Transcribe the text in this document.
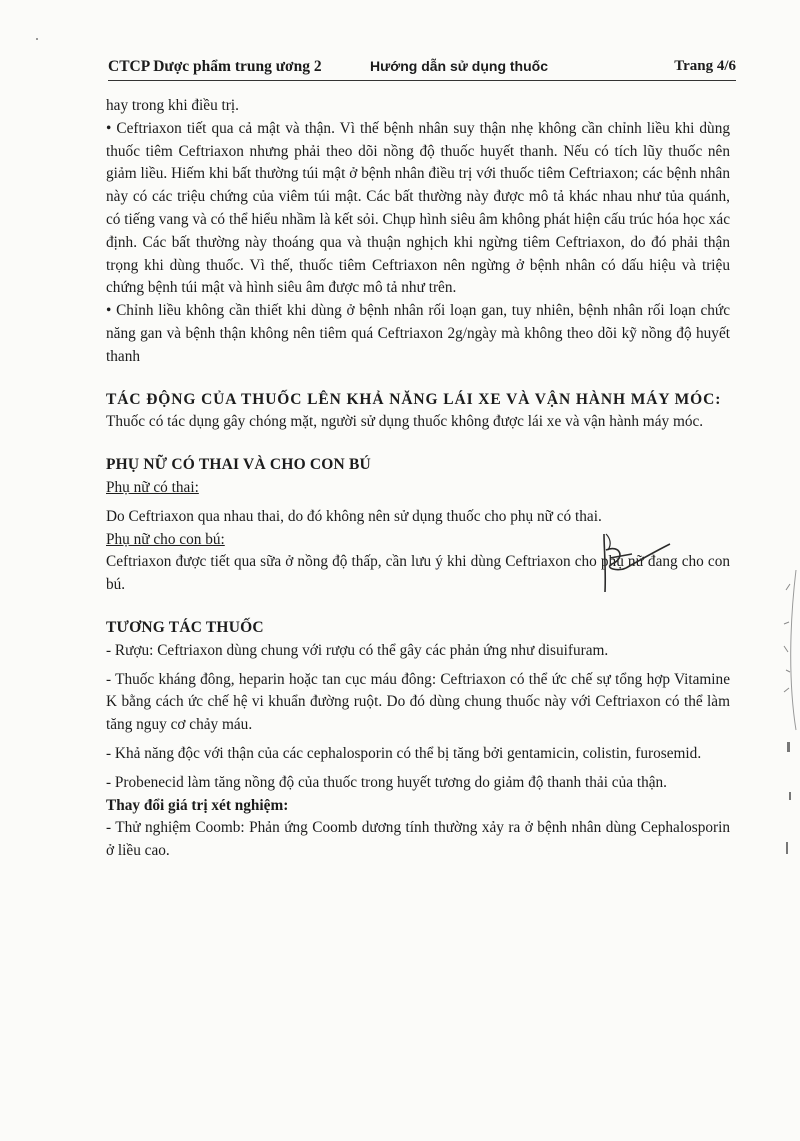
CTCP Dược phẩm trung ương 2	Hướng dẫn sử dụng thuốc	Trang 4/6

hay trong khi điều trị.

• Ceftriaxon tiết qua cả mật và thận. Vì thế bệnh nhân suy thận nhẹ không cần chỉnh liều khi dùng thuốc tiêm Ceftriaxon nhưng phải theo dõi nồng độ thuốc huyết thanh. Nếu có tích lũy thuốc nên giảm liều. Hiếm khi bất thường túi mật ở bệnh nhân điều trị với thuốc tiêm Ceftriaxon; các bệnh nhân này có các triệu chứng của viêm túi mật. Các bất thường này được mô tả khác nhau như tủa quánh, có tiếng vang và có thể hiểu nhầm là kết sỏi. Chụp hình siêu âm không phát hiện cấu trúc hóa học xác định. Các bất thường này thoáng qua và thuận nghịch khi ngừng tiêm Ceftriaxon, do đó phải thận trọng khi dùng thuốc. Vì thế, thuốc tiêm Ceftriaxon nên ngừng ở bệnh nhân có dấu hiệu và triệu chứng bệnh túi mật và hình siêu âm được mô tả như trên.

• Chỉnh liều không cần thiết khi dùng ở bệnh nhân rối loạn gan, tuy nhiên, bệnh nhân rối loạn chức năng gan và bệnh thận không nên tiêm quá Ceftriaxon 2g/ngày mà không theo dõi kỹ nồng độ huyết thanh

TÁC ĐỘNG CỦA THUỐC LÊN KHẢ NĂNG LÁI XE VÀ VẬN HÀNH MÁY MÓC:

Thuốc có tác dụng gây chóng mặt, người sử dụng thuốc không được lái xe và vận hành máy móc.

PHỤ NỮ CÓ THAI VÀ CHO CON BÚ

Phụ nữ có thai:

Do Ceftriaxon qua nhau thai, do đó không nên sử dụng thuốc cho phụ nữ có thai.

Phụ nữ cho con bú:

Ceftriaxon được tiết qua sữa ở nồng độ thấp, cần lưu ý khi dùng Ceftriaxon cho phụ nữ đang cho con bú.

TƯƠNG TÁC THUỐC

- Rượu: Ceftriaxon dùng chung với rượu có thể gây các phản ứng như disuifuram.

- Thuốc kháng đông, heparin hoặc tan cục máu đông: Ceftriaxon có thể ức chế sự tổng hợp Vitamine K bằng cách ức chế hệ vi khuẩn đường ruột. Do đó dùng chung thuốc này với Ceftriaxon có thể làm tăng nguy cơ chảy máu.

- Khả năng độc với thận của các cephalosporin có thể bị tăng bởi gentamicin, colistin, furosemid.

- Probenecid làm tăng nồng độ của thuốc trong huyết tương do giảm độ thanh thải của thận.

Thay đổi giá trị xét nghiệm:

- Thử nghiệm Coomb: Phản ứng Coomb dương tính thường xảy ra ở bệnh nhân dùng Cephalosporin ở liều cao.
